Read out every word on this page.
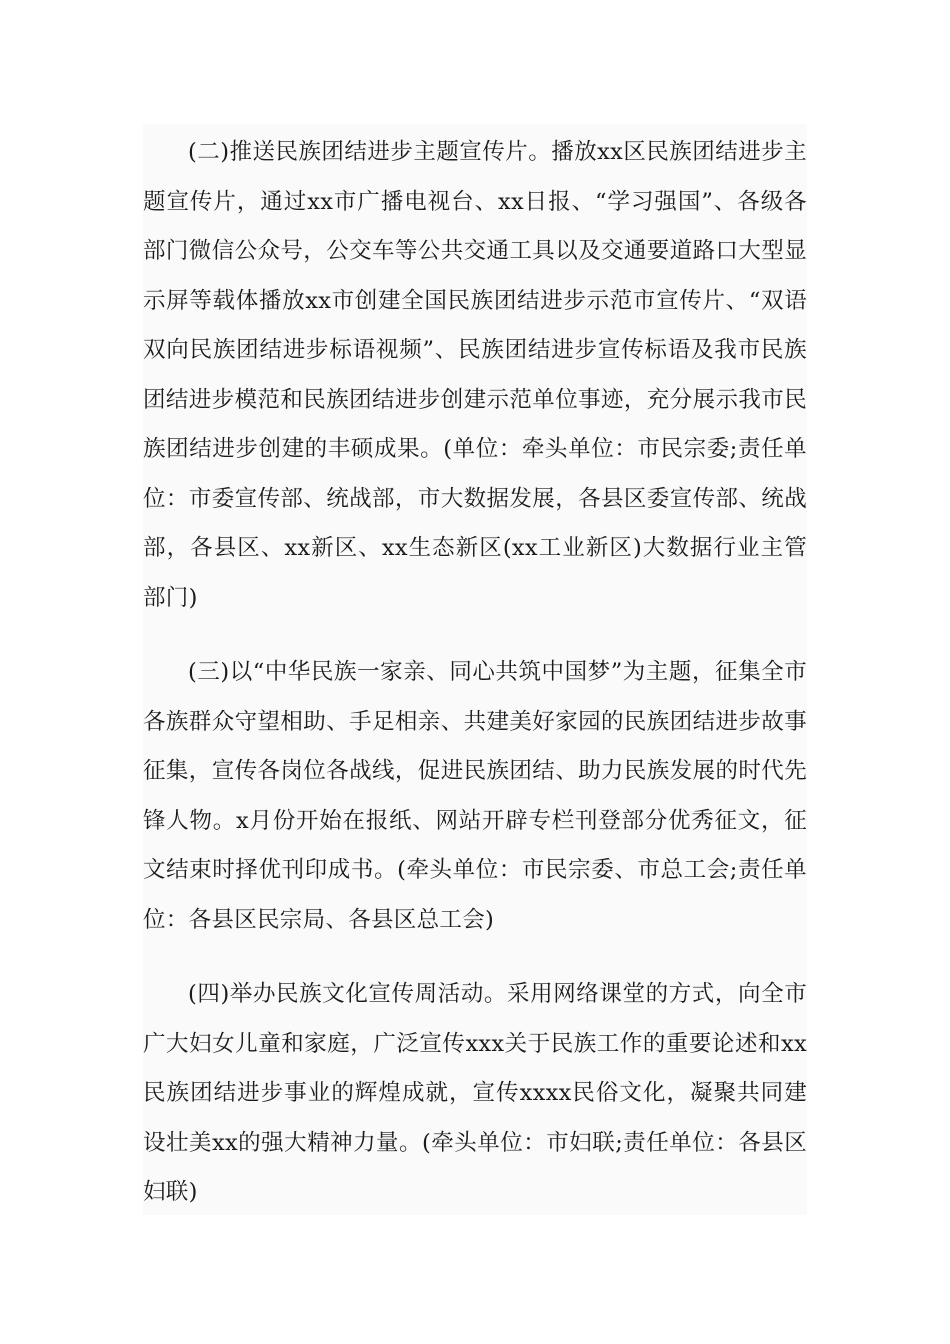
(二)推送民族团结进步主题宣传片。播放xx区民族团结进步主题宣传片，通过xx市广播电视台、xx日报、“学习强国”、各级各部门微信公众号，公交车等公共交通工具以及交通要道路口大型显示屏等载体播放xx市创建全国民族团结进步示范市宣传片、“双语双向民族团结进步标语视频”、民族团结进步宣传标语及我市民族团结进步模范和民族团结进步创建示范单位事迹，充分展示我市民族团结进步创建的丰硕成果。(单位：牵头单位：市民宗委;责任单位：市委宣传部、统战部，市大数据发展，各县区委宣传部、统战部，各县区、xx新区、xx生态新区(xx工业新区)大数据行业主管部门)

(三)以“中华民族一家亲、同心共筑中国梦”为主题，征集全市各族群众守望相助、手足相亲、共建美好家园的民族团结进步故事征集，宣传各岗位各战线，促进民族团结、助力民族发展的时代先锋人物。x月份开始在报纸、网站开辟专栏刊登部分优秀征文，征文结束时择优刊印成书。(牵头单位：市民宗委、市总工会;责任单位：各县区民宗局、各县区总工会)

(四)举办民族文化宣传周活动。采用网络课堂的方式，向全市广大妇女儿童和家庭，广泛宣传xxx关于民族工作的重要论述和xx民族团结进步事业的辉煌成就，宣传xxxx民俗文化，凝聚共同建设壮美xx的强大精神力量。(牵头单位：市妇联;责任单位：各县区妇联)
